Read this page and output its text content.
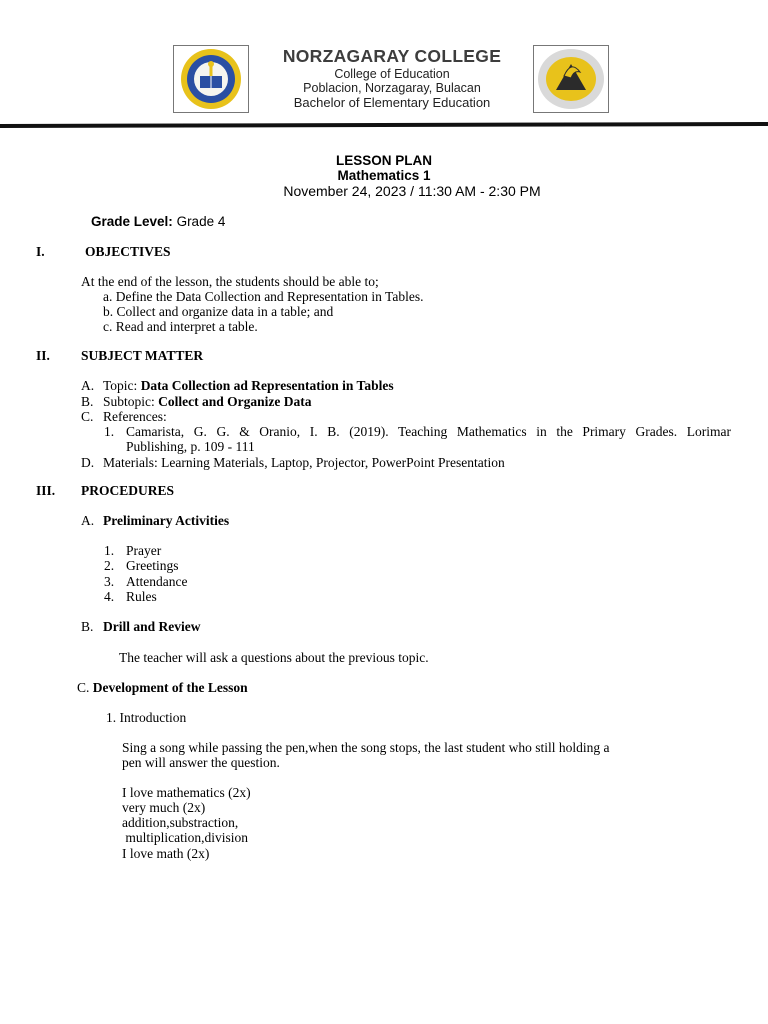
NORZAGARAY COLLEGE
College of Education
Poblacion, Norzagaray, Bulacan
Bachelor of Elementary Education
LESSON PLAN
Mathematics 1
November 24, 2023 / 11:30 AM - 2:30 PM
Grade Level: Grade 4
I.	OBJECTIVES
At the end of the lesson, the students should be able to;
a. Define the Data Collection and Representation in Tables.
b. Collect and organize data in a table; and
c. Read and interpret a table.
II. SUBJECT MATTER
A. Topic: Data Collection ad Representation in Tables
B. Subtopic: Collect and Organize Data
C. References:
1. Camarista, G. G. & Oranio, I. B. (2019). Teaching Mathematics in the Primary Grades. Lorimar
Publishing, p. 109 - 111
D. Materials: Learning Materials, Laptop, Projector, PowerPoint Presentation
III. PROCEDURES
A. Preliminary Activities
1. Prayer
2. Greetings
3. Attendance
4. Rules
B. Drill and Review
The teacher will ask a questions about the previous topic.
C. Development of the Lesson
1. Introduction
Sing a song while passing the pen,when the song stops, the last student who still holding a
pen will answer the question.
I love mathematics (2x)
very much (2x)
addition,substraction,
multiplication,division
I love math (2x)
